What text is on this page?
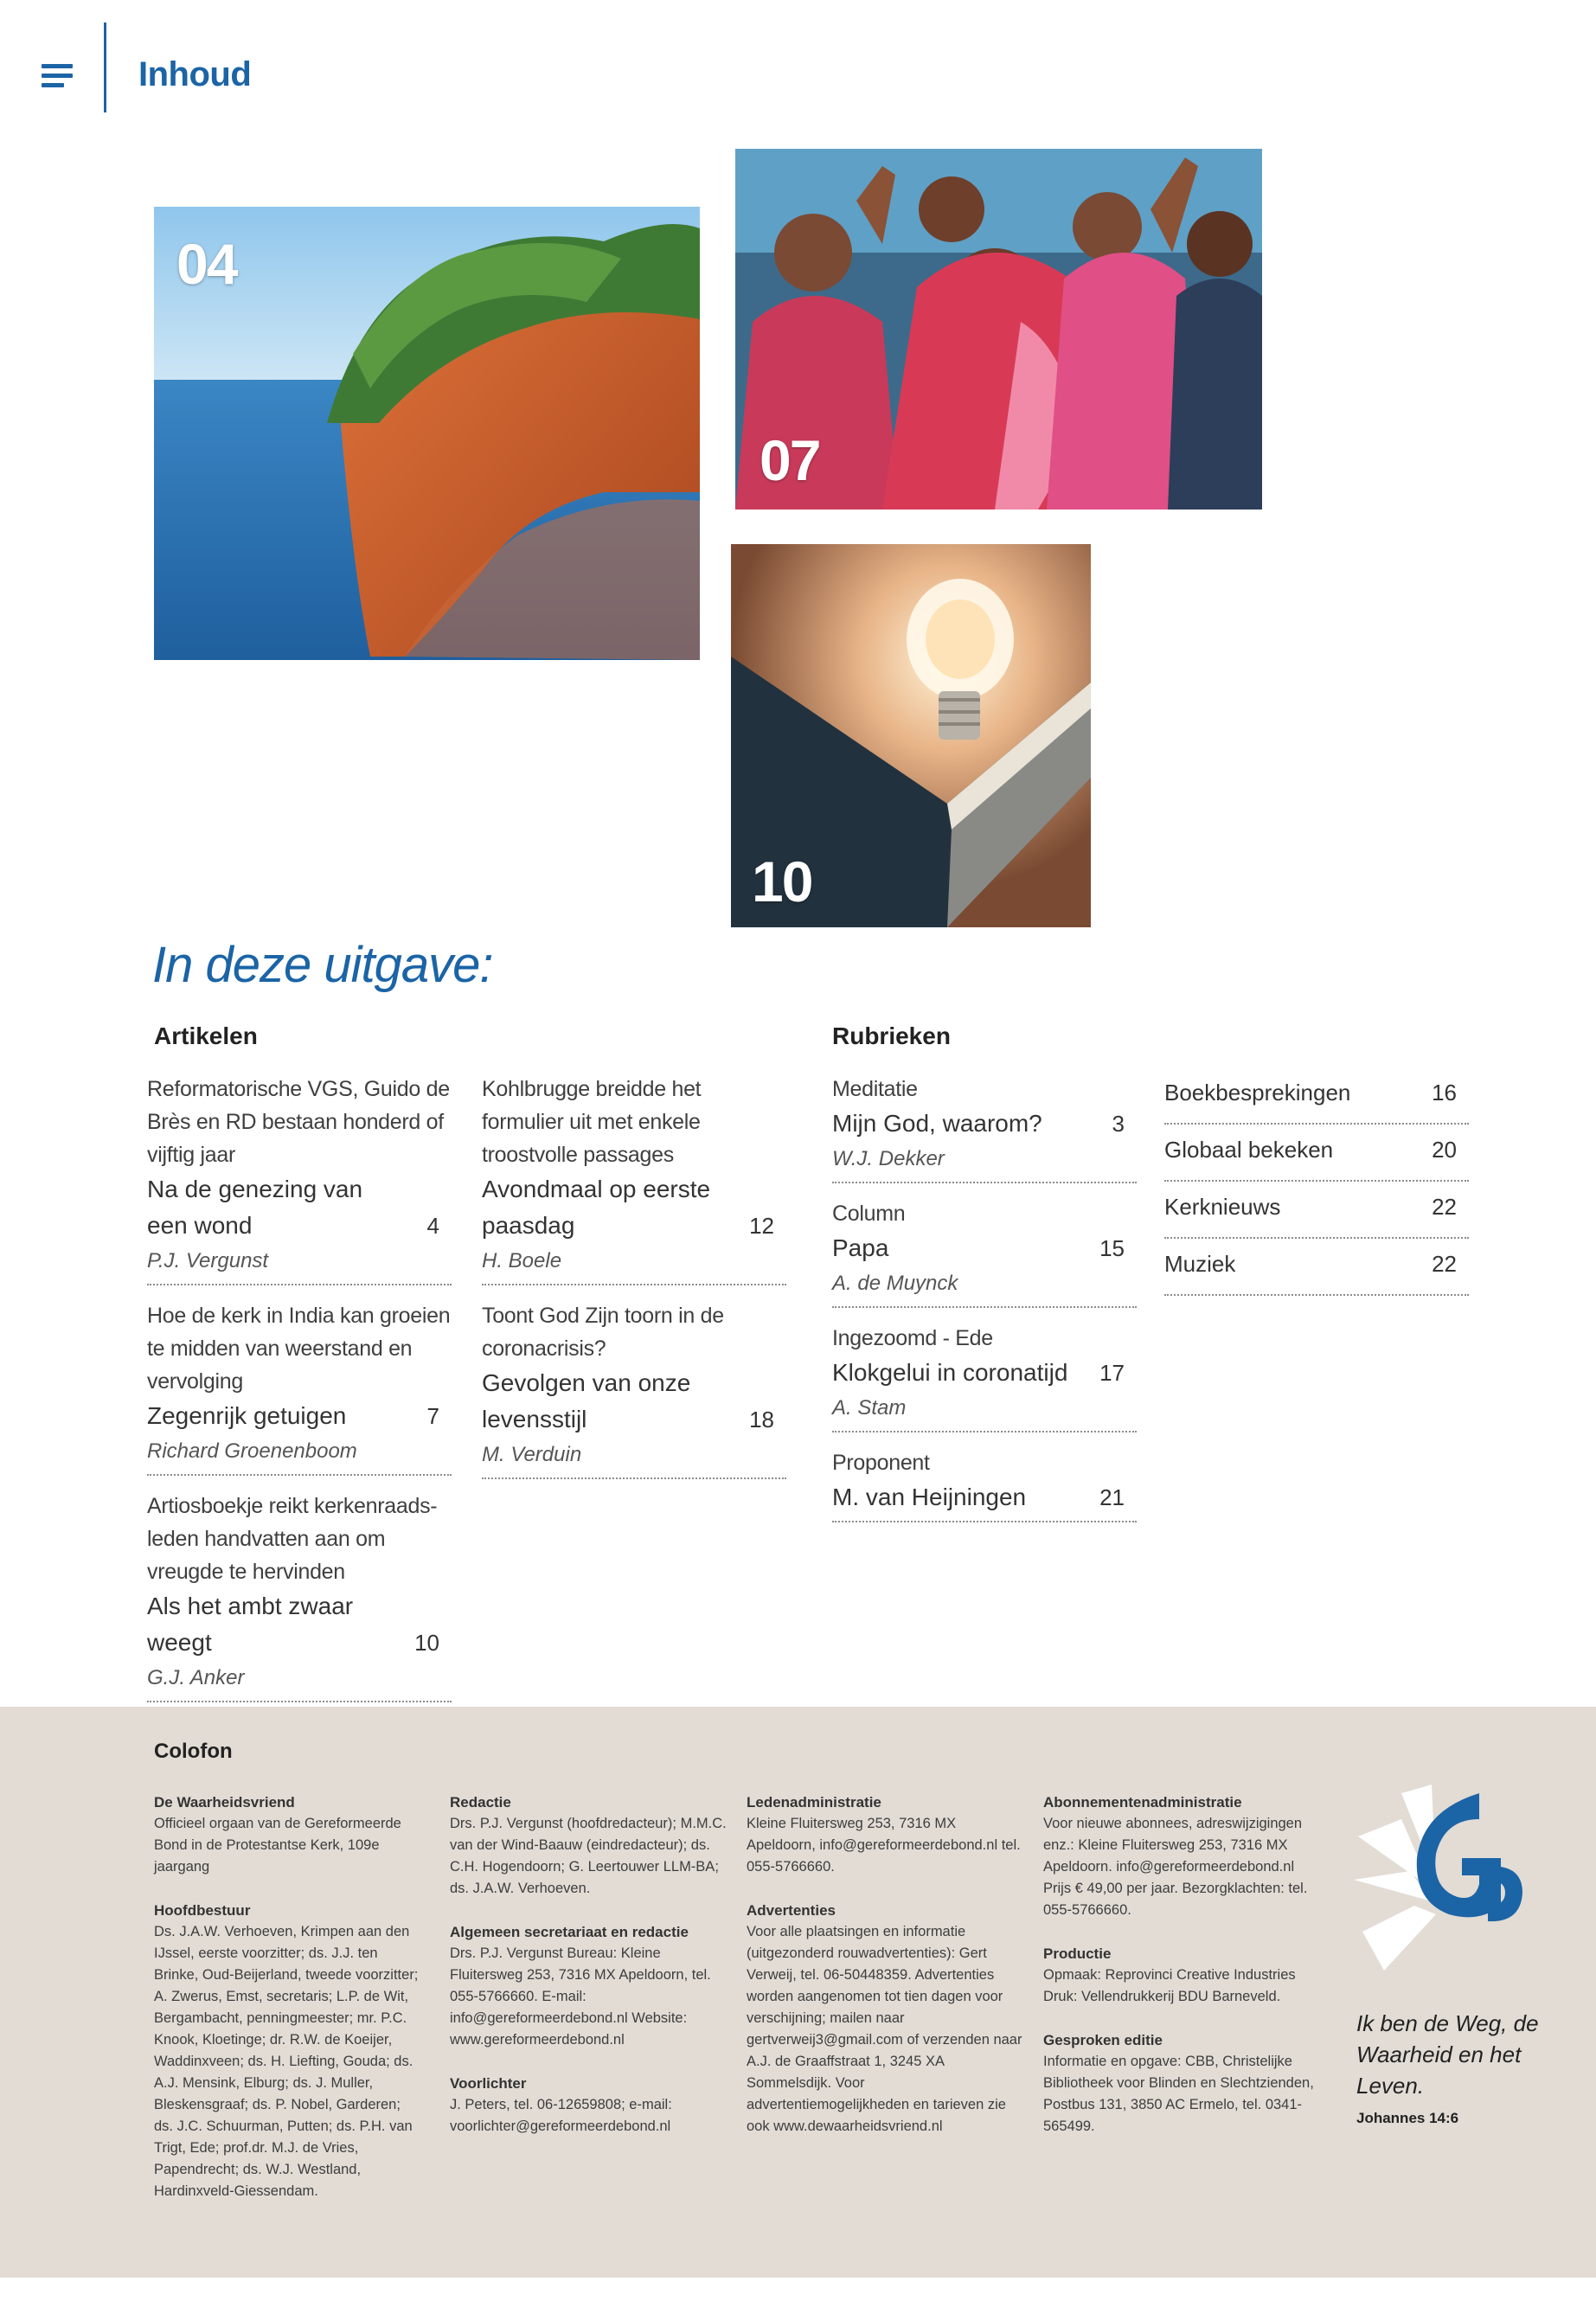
Inhoud
04
07
10
In deze uitgave:
Artikelen	Rubrieken
Reformatorische VGS, Guido de Brès en RD bestaan honderd of vijftig jaar
Na de genezing van een wond	4
P.J. Vergunst
Hoe de kerk in India kan groeien te midden van weerstand en vervolging
Zegenrijk getuigen	7
Richard Groenenboom
Artiosboekje reikt kerkenraads-leden handvatten aan om vreugde te hervinden
Als het ambt zwaar weegt	10
G.J. Anker
Kohlbrugge breidde het formulier uit met enkele troostvolle passages
Avondmaal op eerste paasdag	12
H. Boele
Toont God Zijn toorn in de coronacrisis?
Gevolgen van onze levensstijl	18
M. Verduin
Meditatie
Mijn God, waarom?	3
W.J. Dekker
Column
Papa	15
A. de Muynck
Ingezoomd - Ede
Klokgelui in coronatijd 17
A. Stam
Proponent
M. van Heijningen	21
Boekbesprekingen	16
Globaal bekeken	20
Kerknieuws	22
Muziek	22
Colofon
De Waarheidsvriend

Officieel orgaan van de Gereformeerde Bond in de Protestantse Kerk, 109e jaargang

Hoofdbestuur

Ds. J.A.W. Verhoeven, Krimpen aan den IJssel, eerste voorzitter; ds. J.J. ten Brinke, Oud-Beijerland, tweede voorzitter; A. Zwerus, Emst, secretaris; L.P. de Wit, Bergambacht, penningmeester; mr. P.C. Knook, Kloetinge; dr. R.W. de Koeijer, Waddinxveen; ds. H. Liefting, Gouda; ds. A.J. Mensink, Elburg; ds. J. Muller, Bleskensgraaf; ds. P. Nobel, Garderen; ds. J.C. Schuurman, Putten; ds. P.H. van Trigt, Ede; prof.dr. M.J. de Vries, Papendrecht; ds. W.J. Westland, Hardinxveld-Giessendam.

Redactie

Drs. P.J. Vergunst (hoofdredacteur); M.M.C. van der Wind-Baauw (eindredacteur); ds. C.H. Hogendoorn; G. Leertouwer LLM-BA; ds. J.A.W. Verhoeven.

Algemeen secretariaat en redactie

Drs. P.J. Vergunst Bureau: Kleine Fluitersweg 253, 7316 MX Apeldoorn, tel. 055-5766660. E-mail: info@gereformeerdebond.nl Website: www.gereformeerdebond.nl

Voorlichter

J. Peters, tel. 06-12659808; e-mail: voorlichter@gereformeerdebond.nl

Ledenadministratie

Kleine Fluitersweg 253, 7316 MX Apeldoorn, info@gereformeerdebond.nl tel. 055-5766660.

Advertenties

Voor alle plaatsingen en informatie (uitgezonderd rouwadvertenties): Gert Verweij, tel. 06-50448359. Advertenties worden aangenomen tot tien dagen voor verschijning; mailen naar gertverweij3@gmail.com of verzenden naar A.J. de Graaffstraat 1, 3245 XA Sommelsdijk. Voor advertentiemogelijkheden en tarieven zie ook www.dewaarheidsvriend.nl

Abonnementenadministratie

Voor nieuwe abonnees, adreswijzigingen enz.: Kleine Fluitersweg 253, 7316 MX Apeldoorn. info@gereformeerdebond.nl Prijs € 49,00 per jaar. Bezorgklachten: tel. 055-5766660.

Productie

Opmaak: Reprovinci Creative Industries Druk: Vellendrukkerij BDU Barneveld.

Gesproken editie

Informatie en opgave: CBB, Christelijke Bibliotheek voor Blinden en Slechtzienden, Postbus 131, 3850 AC Ermelo, tel. 0341-565499.

Ik ben de Weg, de Waarheid en het Leven.
Johannes 14:6
